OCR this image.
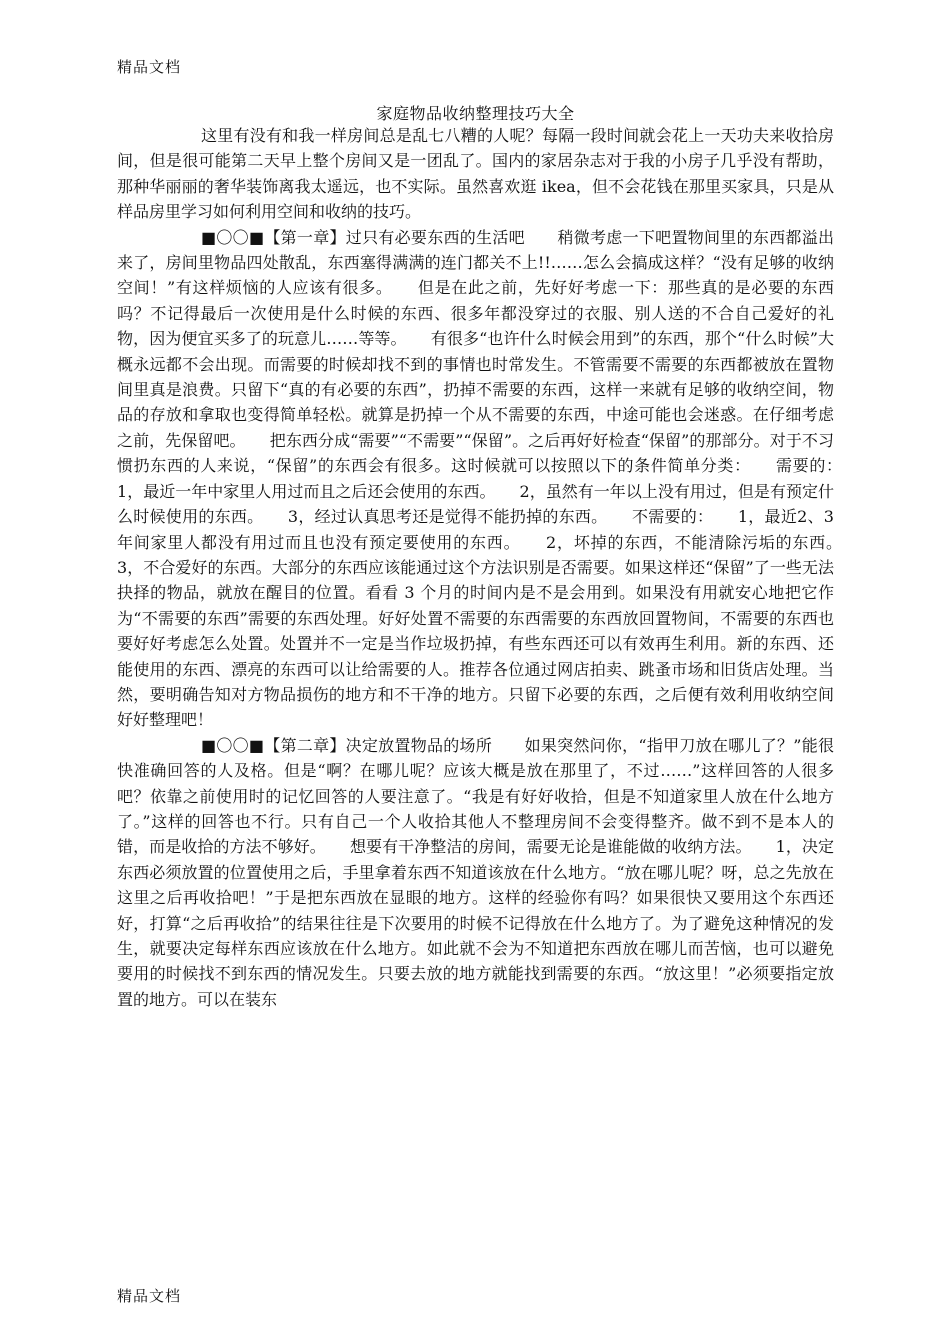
精品文档
家庭物品收纳整理技巧大全

这里有没有和我一样房间总是乱七八糟的人呢？每隔一段时间就会花上一天功夫来收拾房间，但是很可能第二天早上整个房间又是一团乱了。国内的家居杂志对于我的小房子几乎没有帮助，那种华丽丽的奢华装饰离我太遥远，也不实际。虽然喜欢逛 ikea，但不会花钱在那里买家具，只是从样品房里学习如何利用空间和收纳的技巧。

■〇〇■【第一章】过只有必要东西的生活吧　　稍微考虑一下吧置物间里的东西都溢出来了，房间里物品四处散乱，东西塞得满满的连门都关不上!!……怎么会搞成这样？“没有足够的收纳空间！”有这样烦恼的人应该有很多。　　但是在此之前，先好好考虑一下：那些真的是必要的东西吗？不记得最后一次使用是什么时候的东西、很多年都没穿过的衣服、别人送的不合自己爱好的礼物，因为便宜买多了的玩意儿……等等。　　有很多“也许什么时候会用到”的东西，那个“什么时候”大概永远都不会出现。而需要的时候却找不到的事情也时常发生。不管需要不需要的东西都被放在置物间里真是浪费。只留下“真的有必要的东西”，扔掉不需要的东西，这样一来就有足够的收纳空间，物品的存放和拿取也变得简单轻松。就算是扔掉一个从不需要的东西，中途可能也会迷惑。在仔细考虑之前，先保留吧。　　把东西分成“需要”“不需要”“保留”。之后再好好检查“保留”的那部分。对于不习惯扔东西的人来说，“保留”的东西会有很多。这时候就可以按照以下的条件简单分类：　　需要的：　　1，最近一年中家里人用过而且之后还会使用的东西。　　2，虽然有一年以上没有用过，但是有预定什么时候使用的东西。　　3，经过认真思考还是觉得不能扔掉的东西。　　不需要的：　　1，最近2、3年间家里人都没有用过而且也没有预定要使用的东西。　　2，坏掉的东西，不能清除污垢的东西。　　3，不合爱好的东西。大部分的东西应该能通过这个方法识别是否需要。如果这样还“保留”了一些无法抉择的物品，就放在醒目的位置。看看 3 个月的时间内是不是会用到。如果没有用就安心地把它作为“不需要的东西”需要的东西处理。好好处置不需要的东西需要的东西放回置物间，不需要的东西也要好好考虑怎么处置。处置并不一定是当作垃圾扔掉，有些东西还可以有效再生利用。新的东西、还能使用的东西、漂亮的东西可以让给需要的人。推荐各位通过网店拍卖、跳蚤市场和旧货店处理。当然，要明确告知对方物品损伤的地方和不干净的地方。只留下必要的东西，之后便有效利用收纳空间好好整理吧！

■〇〇■【第二章】决定放置物品的场所　　如果突然问你，“指甲刀放在哪儿了？”能很快准确回答的人及格。但是“啊？在哪儿呢？应该大概是放在那里了，不过……”这样回答的人很多吧？依靠之前使用时的记忆回答的人要注意了。“我是有好好收拾，但是不知道家里人放在什么地方了。”这样的回答也不行。只有自己一个人收拾其他人不整理房间不会变得整齐。做不到不是本人的错，而是收拾的方法不够好。　　想要有干净整洁的房间，需要无论是谁能做的收纳方法。　　1，决定东西必须放置的位置使用之后，手里拿着东西不知道该放在什么地方。“放在哪儿呢？呀，总之先放在这里之后再收拾吧！”于是把东西放在显眼的地方。这样的经验你有吗？如果很快又要用这个东西还好，打算“之后再收拾”的结果往往是下次要用的时候不记得放在什么地方了。为了避免这种情况的发生，就要决定每样东西应该放在什么地方。如此就不会为不知道把东西放在哪儿而苦恼，也可以避免要用的时候找不到东西的情况发生。只要去放的地方就能找到需要的东西。“放这里！”必须要指定放置的地方。可以在装东

精品文档
